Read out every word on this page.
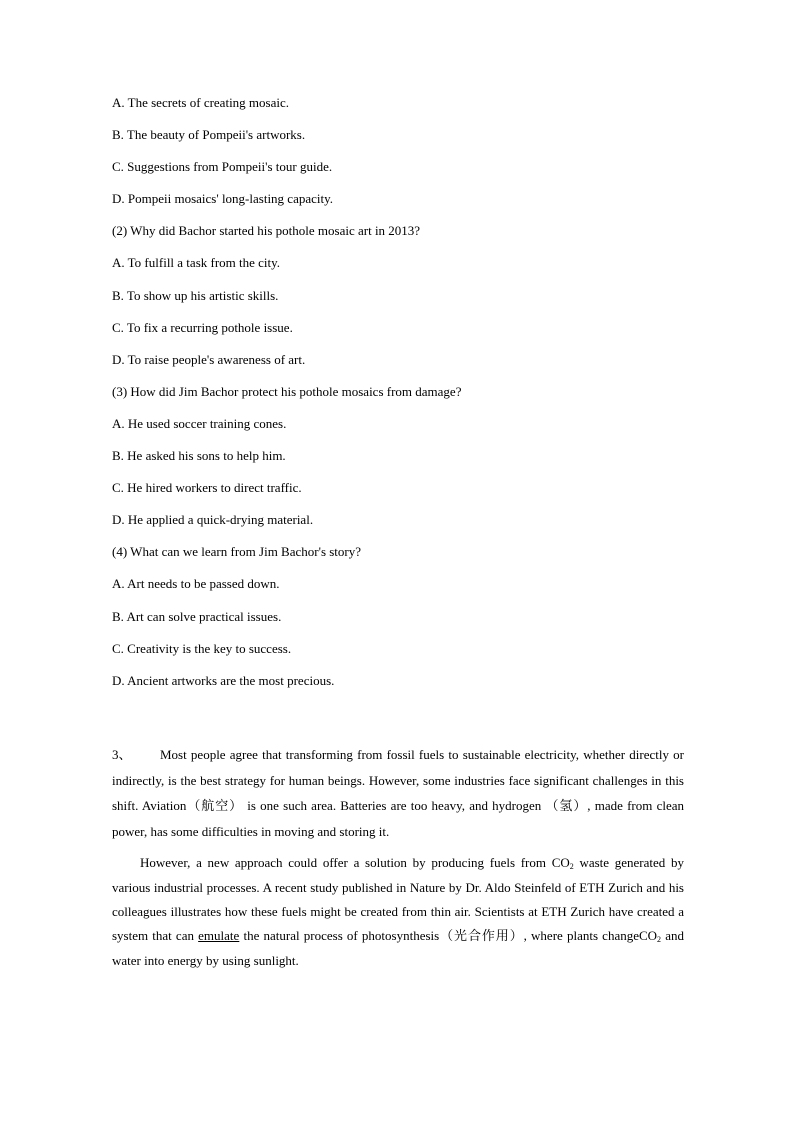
A. The secrets of creating mosaic.
B. The beauty of Pompeii's artworks.
C. Suggestions from Pompeii's tour guide.
D. Pompeii mosaics' long-lasting capacity.
(2) Why did Bachor started his pothole mosaic art in 2013?
A. To fulfill a task from the city.
B. To show up his artistic skills.
C. To fix a recurring pothole issue.
D. To raise people's awareness of art.
(3) How did Jim Bachor protect his pothole mosaics from damage?
A. He used soccer training cones.
B. He asked his sons to help him.
C. He hired workers to direct traffic.
D. He applied a quick-drying material.
(4) What can we learn from Jim Bachor's story?
A. Art needs to be passed down.
B. Art can solve practical issues.
C. Creativity is the key to success.
D. Ancient artworks are the most precious.

3、 Most people agree that transforming from fossil fuels to sustainable electricity, whether directly or indirectly, is the best strategy for human beings. However, some industries face significant challenges in this shift. Aviation（航空） is one such area. Batteries are too heavy, and hydrogen （氢）, made from clean power, has some difficulties in moving and storing it.

However, a new approach could offer a solution by producing fuels from $CO_2$ waste generated by various industrial processes. A recent study published in Nature by Dr. Aldo Steinfeld of ETH Zurich and his colleagues illustrates how these fuels might be created from thin air. Scientists at ETH Zurich have created a system that can emulate the natural process of photosynthesis（光合作用）, where plants changeCO$_2$ and water into energy by using sunlight.
